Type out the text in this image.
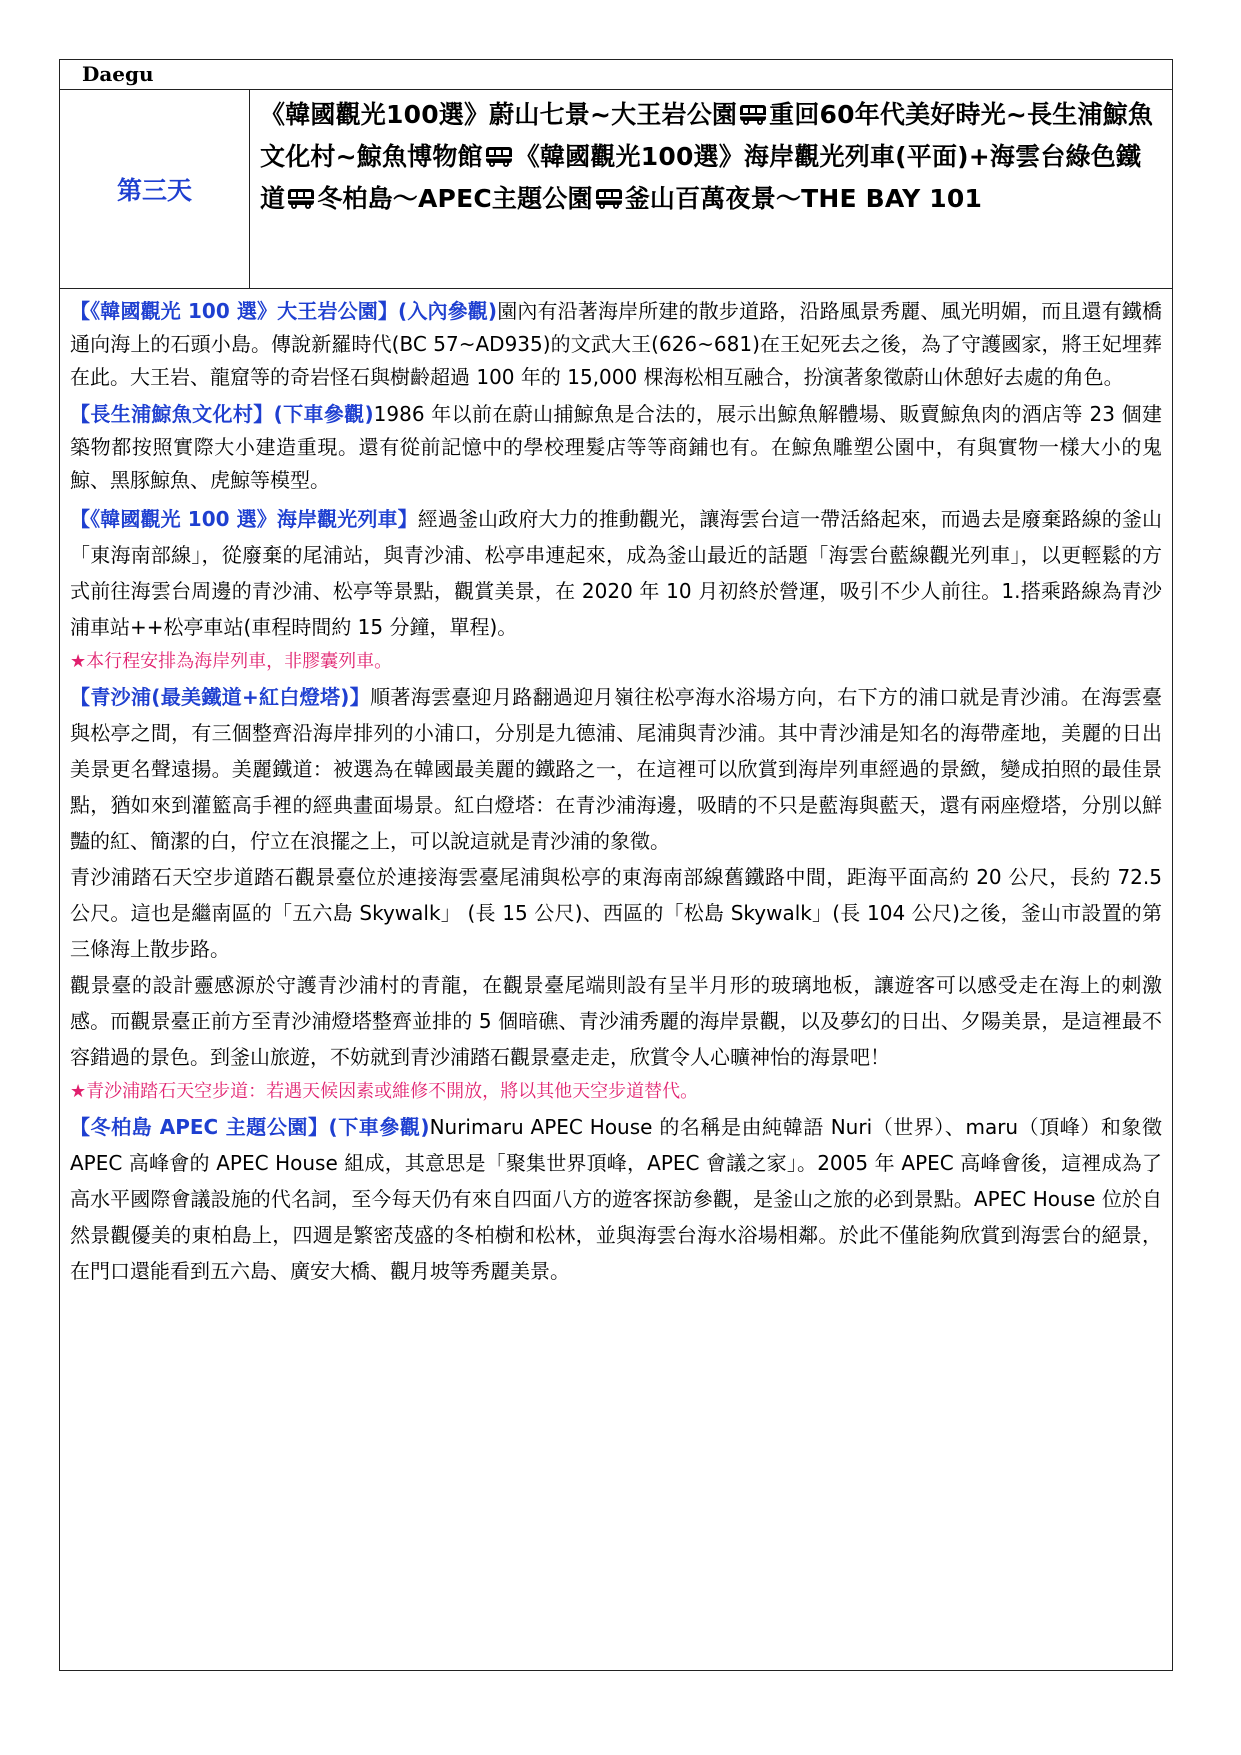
Daegu
第三天
《韓國觀光100選》蔚山七景~大王岩公園 重回60年代美好時光~長生浦鯨魚文化村~鯨魚博物館 《韓國觀光100選》海岸觀光列車(平面)+海雲台綠色鐵道 冬柏島～APEC主題公園 釜山百萬夜景～THE BAY 101

【《韓國觀光 100 選》大王岩公園】(入內參觀)園內有沿著海岸所建的散步道路，沿路風景秀麗、風光明媚，而且還有鐵橋通向海上的石頭小島。傳說新羅時代(BC 57~AD935)的文武大王(626~681)在王妃死去之後，為了守護國家，將王妃埋葬在此。大王岩、龍窟等的奇岩怪石與樹齡超過 100 年的 15,000 棵海松相互融合，扮演著象徵蔚山休憩好去處的角色。

【長生浦鯨魚文化村】(下車參觀)1986 年以前在蔚山捕鯨魚是合法的，展示出鯨魚解體場、販賣鯨魚肉的酒店等 23 個建築物都按照實際大小建造重現。還有從前記憶中的學校理髮店等等商鋪也有。在鯨魚雕塑公園中，有與實物一樣大小的鬼鯨、黑豚鯨魚、虎鯨等模型。

【《韓國觀光 100 選》海岸觀光列車】經過釜山政府大力的推動觀光，讓海雲台這一帶活絡起來，而過去是廢棄路線的釜山「東海南部線」，從廢棄的尾浦站，與青沙浦、松亭串連起來，成為釜山最近的話題「海雲台藍線觀光列車」，以更輕鬆的方式前往海雲台周邊的青沙浦、松亭等景點，觀賞美景，在 2020 年 10 月初終於營運，吸引不少人前往。1.搭乘路線為青沙浦車站++松亭車站(車程時間約 15 分鐘，單程)。

★本行程安排為海岸列車，非膠囊列車。

【青沙浦(最美鐵道+紅白燈塔)】順著海雲臺迎月路翻過迎月嶺往松亭海水浴場方向，右下方的浦口就是青沙浦。在海雲臺與松亭之間，有三個整齊沿海岸排列的小浦口，分別是九德浦、尾浦與青沙浦。其中青沙浦是知名的海帶產地，美麗的日出美景更名聲遠揚。美麗鐵道：被選為在韓國最美麗的鐵路之一，在這裡可以欣賞到海岸列車經過的景緻，變成拍照的最佳景點，猶如來到灌籃高手裡的經典畫面場景。紅白燈塔：在青沙浦海邊，吸睛的不只是藍海與藍天，還有兩座燈塔，分別以鮮豔的紅、簡潔的白，佇立在浪擺之上，可以說這就是青沙浦的象徵。

青沙浦踏石天空步道踏石觀景臺位於連接海雲臺尾浦與松亭的東海南部線舊鐵路中間，距海平面高約 20 公尺，長約 72.5 公尺。這也是繼南區的「五六島 Skywalk」 (長 15 公尺)、西區的「松島 Skywalk」(長 104 公尺)之後，釜山市設置的第三條海上散步路。

觀景臺的設計靈感源於守護青沙浦村的青龍，在觀景臺尾端則設有呈半月形的玻璃地板，讓遊客可以感受走在海上的刺激感。而觀景臺正前方至青沙浦燈塔整齊並排的 5 個暗礁、青沙浦秀麗的海岸景觀，以及夢幻的日出、夕陽美景，是這裡最不容錯過的景色。到釜山旅遊，不妨就到青沙浦踏石觀景臺走走，欣賞令人心曠神怡的海景吧！

★青沙浦踏石天空步道：若遇天候因素或維修不開放，將以其他天空步道替代。

【冬柏島 APEC 主題公園】(下車參觀)Nurimaru APEC House 的名稱是由純韓語 Nuri（世界）、maru（頂峰）和象徵 APEC 高峰會的 APEC House 組成，其意思是「聚集世界頂峰，APEC 會議之家」。2005 年 APEC 高峰會後，這裡成為了高水平國際會議設施的代名詞，至今每天仍有來自四面八方的遊客探訪參觀，是釜山之旅的必到景點。APEC House 位於自然景觀優美的東柏島上，四週是繁密茂盛的冬柏樹和松林，並與海雲台海水浴場相鄰。於此不僅能夠欣賞到海雲台的絕景，在門口還能看到五六島、廣安大橋、觀月坡等秀麗美景。
